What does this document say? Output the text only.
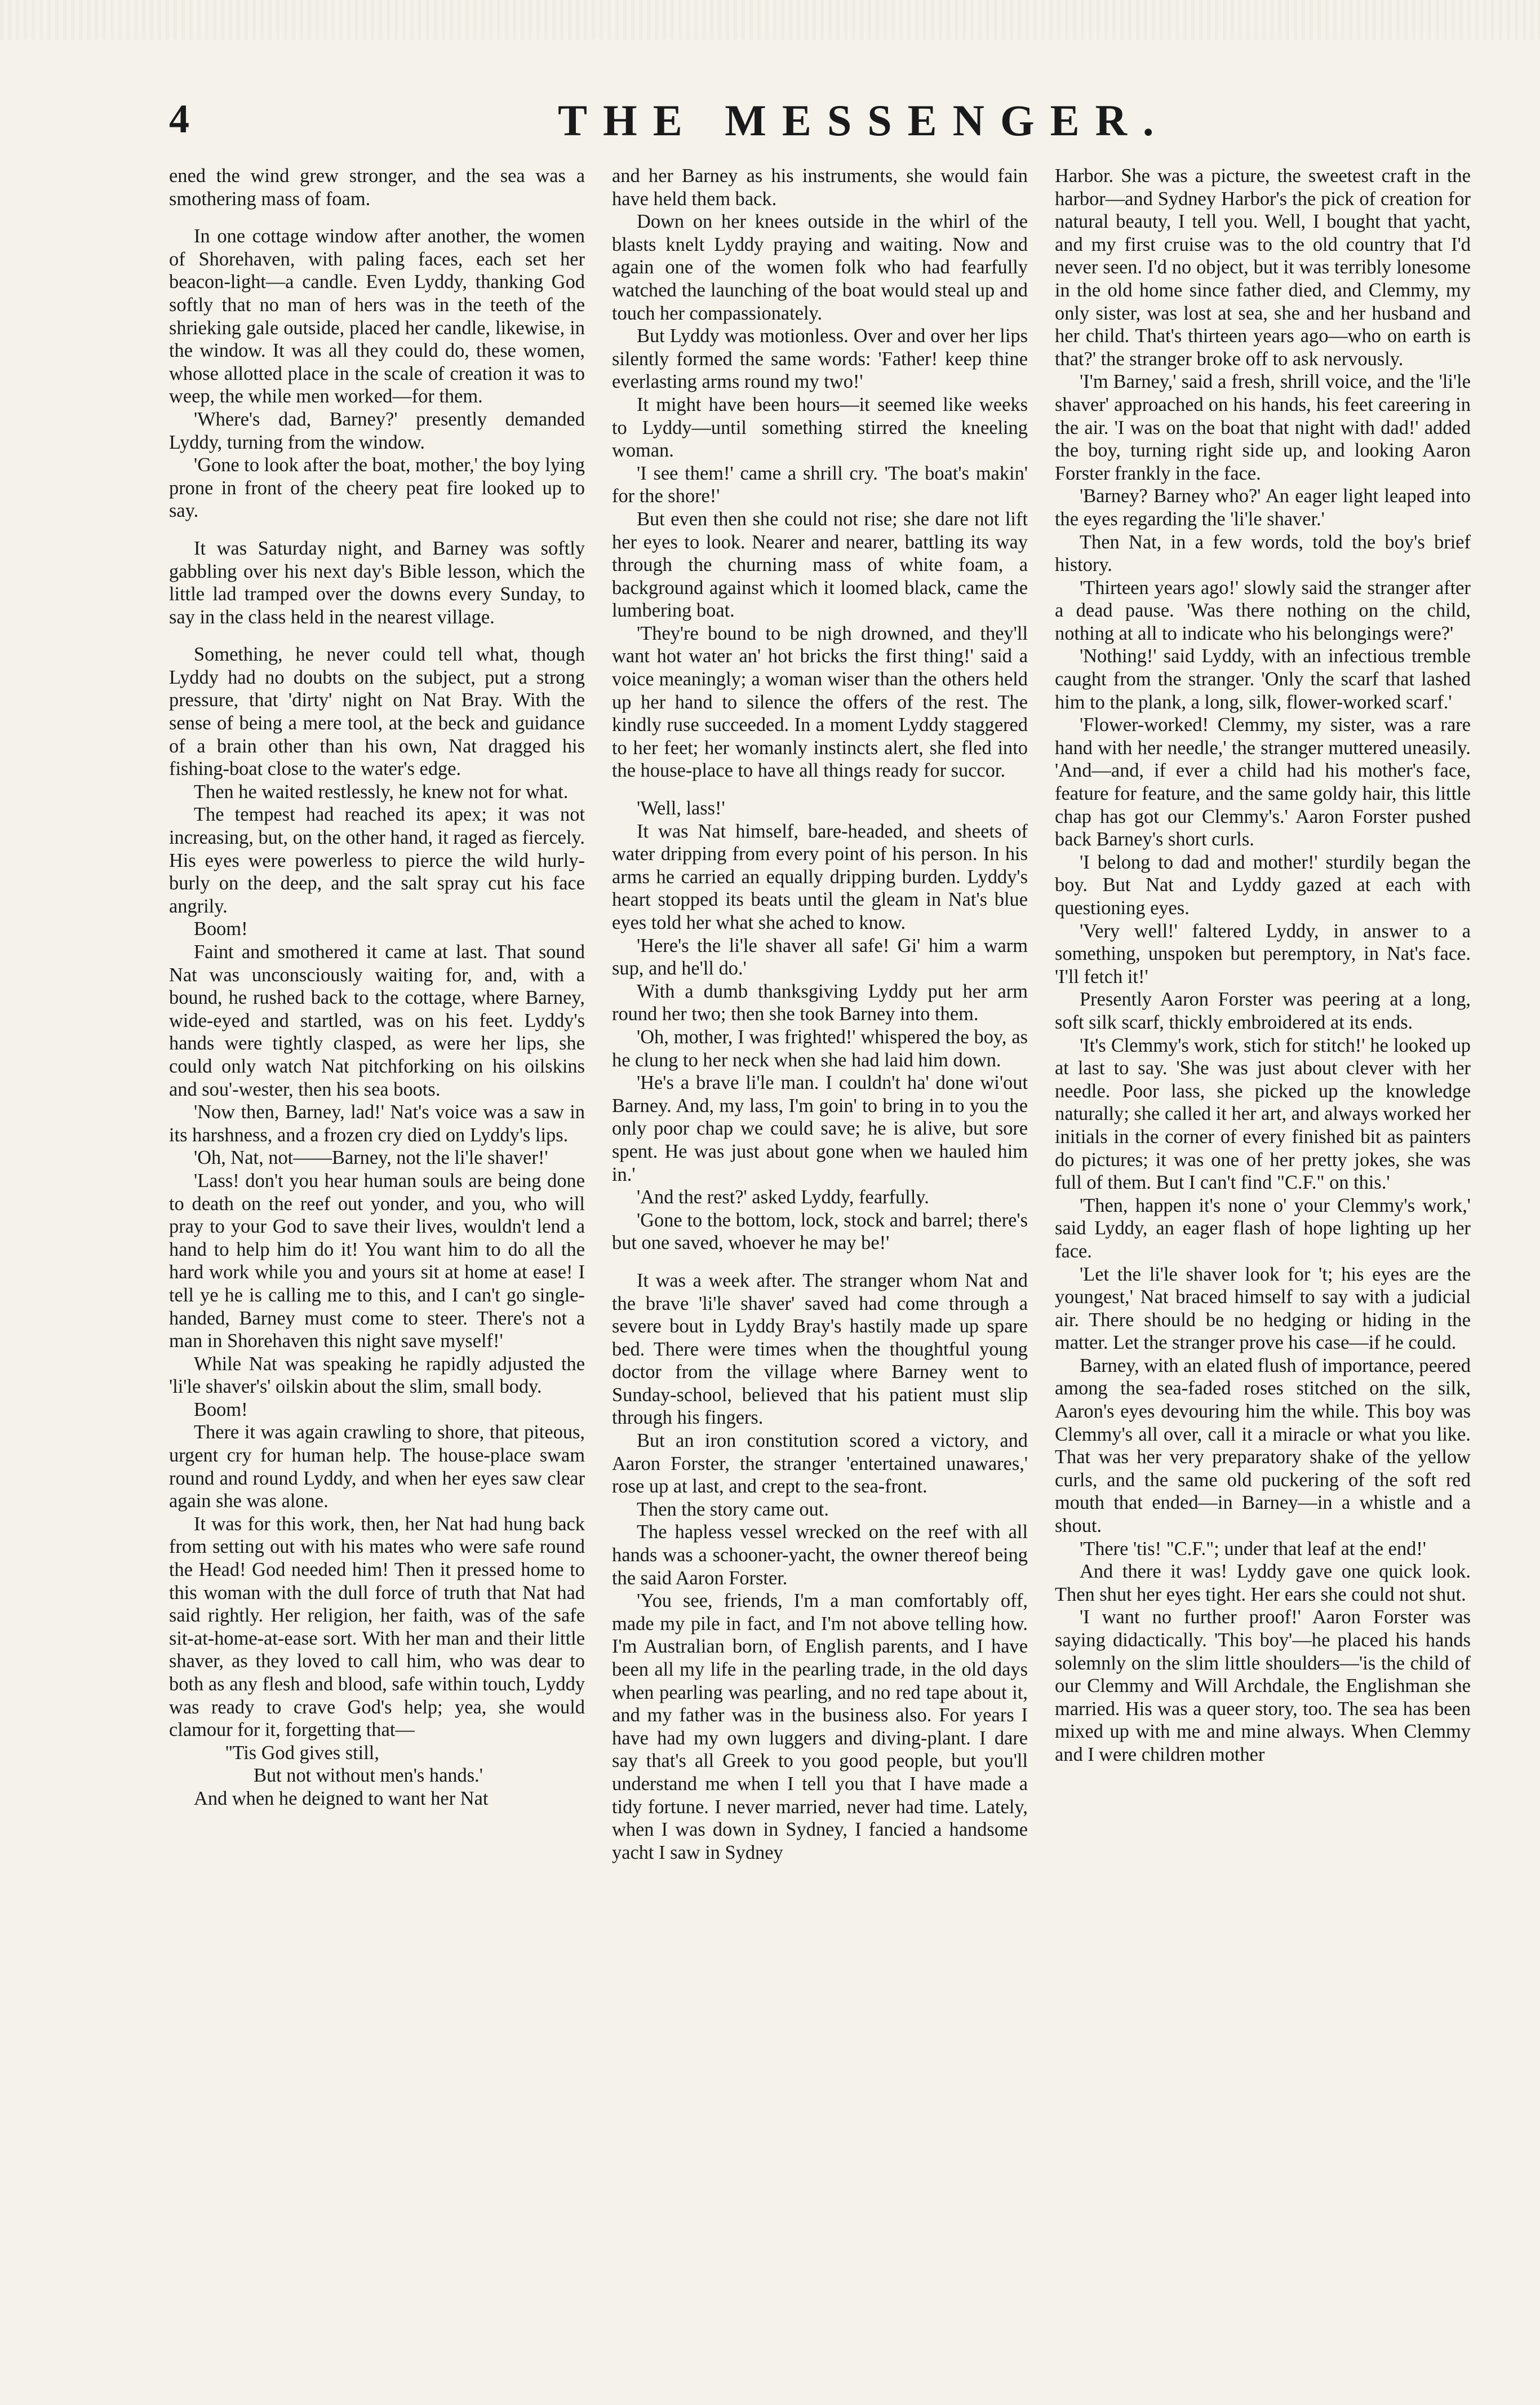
4	THE MESSENGER.

ened the wind grew stronger, and the sea was a smothering mass of foam.

In one cottage window after another, the women of Shorehaven, with paling faces, each set her beacon-light—a candle. Even Lyddy, thanking God softly that no man of hers was in the teeth of the shrieking gale outside, placed her candle, likewise, in the window. It was all they could do, these women, whose allotted place in the scale of creation it was to weep, the while men worked—for them.

'Where's dad, Barney?' presently demanded Lyddy, turning from the window.

'Gone to look after the boat, mother,' the boy lying prone in front of the cheery peat fire looked up to say.

It was Saturday night, and Barney was softly gabbling over his next day's Bible lesson, which the little lad tramped over the downs every Sunday, to say in the class held in the nearest village.

Something, he never could tell what, though Lyddy had no doubts on the subject, put a strong pressure, that 'dirty' night on Nat Bray. With the sense of being a mere tool, at the beck and guidance of a brain other than his own, Nat dragged his fishing-boat close to the water's edge.

Then he waited restlessly, he knew not for what.

The tempest had reached its apex; it was not increasing, but, on the other hand, it raged as fiercely. His eyes were powerless to pierce the wild hurly-burly on the deep, and the salt spray cut his face angrily.

Boom!

Faint and smothered it came at last. That sound Nat was unconsciously waiting for, and, with a bound, he rushed back to the cottage, where Barney, wide-eyed and startled, was on his feet. Lyddy's hands were tightly clasped, as were her lips, she could only watch Nat pitchforking on his oilskins and sou'-wester, then his sea boots.

'Now then, Barney, lad!' Nat's voice was a saw in its harshness, and a frozen cry died on Lyddy's lips.

'Oh, Nat, not——Barney, not the li'le shaver!'

'Lass! don't you hear human souls are being done to death on the reef out yonder, and you, who will pray to your God to save their lives, wouldn't lend a hand to help him do it! You want him to do all the hard work while you and yours sit at home at ease! I tell ye he is calling me to this, and I can't go single-handed, Barney must come to steer. There's not a man in Shorehaven this night save myself!'

While Nat was speaking he rapidly adjusted the 'li'le shaver's' oilskin about the slim, small body.

Boom!

There it was again crawling to shore, that piteous, urgent cry for human help. The house-place swam round and round Lyddy, and when her eyes saw clear again she was alone.

It was for this work, then, her Nat had hung back from setting out with his mates who were safe round the Head! God needed him! Then it pressed home to this woman with the dull force of truth that Nat had said rightly. Her religion, her faith, was of the safe sit-at-home-at-ease sort. With her man and their little shaver, as they loved to call him, who was dear to both as any flesh and blood, safe within touch, Lyddy was ready to crave God's help; yea, she would clamour for it, forgetting that—

''Tis God gives still,

But not without men's hands.'

And when he deigned to want her Nat

and her Barney as his instruments, she would fain have held them back.

Down on her knees outside in the whirl of the blasts knelt Lyddy praying and waiting. Now and again one of the women folk who had fearfully watched the launching of the boat would steal up and touch her compassionately.

But Lyddy was motionless. Over and over her lips silently formed the same words: 'Father! keep thine everlasting arms round my two!'

It might have been hours—it seemed like weeks to Lyddy—until something stirred the kneeling woman.

'I see them!' came a shrill cry. 'The boat's makin' for the shore!'

But even then she could not rise; she dare not lift her eyes to look. Nearer and nearer, battling its way through the churning mass of white foam, a background against which it loomed black, came the lumbering boat.

'They're bound to be nigh drowned, and they'll want hot water an' hot bricks the first thing!' said a voice meaningly; a woman wiser than the others held up her hand to silence the offers of the rest. The kindly ruse succeeded. In a moment Lyddy staggered to her feet; her womanly instincts alert, she fled into the house-place to have all things ready for succor.

'Well, lass!'

It was Nat himself, bare-headed, and sheets of water dripping from every point of his person. In his arms he carried an equally dripping burden. Lyddy's heart stopped its beats until the gleam in Nat's blue eyes told her what she ached to know.

'Here's the li'le shaver all safe! Gi' him a warm sup, and he'll do.'

With a dumb thanksgiving Lyddy put her arm round her two; then she took Barney into them.

'Oh, mother, I was frighted!' whispered the boy, as he clung to her neck when she had laid him down.

'He's a brave li'le man. I couldn't ha' done wi'out Barney. And, my lass, I'm goin' to bring in to you the only poor chap we could save; he is alive, but sore spent. He was just about gone when we hauled him in.'

'And the rest?' asked Lyddy, fearfully.

'Gone to the bottom, lock, stock and barrel; there's but one saved, whoever he may be!'

It was a week after. The stranger whom Nat and the brave 'li'le shaver' saved had come through a severe bout in Lyddy Bray's hastily made up spare bed. There were times when the thoughtful young doctor from the village where Barney went to Sunday-school, believed that his patient must slip through his fingers.

But an iron constitution scored a victory, and Aaron Forster, the stranger 'entertained unawares,' rose up at last, and crept to the sea-front.

Then the story came out.

The hapless vessel wrecked on the reef with all hands was a schooner-yacht, the owner thereof being the said Aaron Forster.

'You see, friends, I'm a man comfortably off, made my pile in fact, and I'm not above telling how. I'm Australian born, of English parents, and I have been all my life in the pearling trade, in the old days when pearling was pearling, and no red tape about it, and my father was in the business also. For years I have had my own luggers and diving-plant. I dare say that's all Greek to you good people, but you'll understand me when I tell you that I have made a tidy fortune. I never married, never had time. Lately, when I was down in Sydney, I fancied a handsome yacht I saw in Sydney

Harbor. She was a picture, the sweetest craft in the harbor—and Sydney Harbor's the pick of creation for natural beauty, I tell you. Well, I bought that yacht, and my first cruise was to the old country that I'd never seen. I'd no object, but it was terribly lonesome in the old home since father died, and Clemmy, my only sister, was lost at sea, she and her husband and her child. That's thirteen years ago—who on earth is that?' the stranger broke off to ask nervously.

'I'm Barney,' said a fresh, shrill voice, and the 'li'le shaver' approached on his hands, his feet careering in the air. 'I was on the boat that night with dad!' added the boy, turning right side up, and looking Aaron Forster frankly in the face.

'Barney? Barney who?' An eager light leaped into the eyes regarding the 'li'le shaver.'

Then Nat, in a few words, told the boy's brief history.

'Thirteen years ago!' slowly said the stranger after a dead pause. 'Was there nothing on the child, nothing at all to indicate who his belongings were?'

'Nothing!' said Lyddy, with an infectious tremble caught from the stranger. 'Only the scarf that lashed him to the plank, a long, silk, flower-worked scarf.'

'Flower-worked! Clemmy, my sister, was a rare hand with her needle,' the stranger muttered uneasily. 'And—and, if ever a child had his mother's face, feature for feature, and the same goldy hair, this little chap has got our Clemmy's.' Aaron Forster pushed back Barney's short curls.

'I belong to dad and mother!' sturdily began the boy. But Nat and Lyddy gazed at each with questioning eyes.

'Very well!' faltered Lyddy, in answer to a something, unspoken but peremptory, in Nat's face. 'I'll fetch it!'

Presently Aaron Forster was peering at a long, soft silk scarf, thickly embroidered at its ends.

'It's Clemmy's work, stich for stitch!' he looked up at last to say. 'She was just about clever with her needle. Poor lass, she picked up the knowledge naturally; she called it her art, and always worked her initials in the corner of every finished bit as painters do pictures; it was one of her pretty jokes, she was full of them. But I can't find "C.F." on this.'

'Then, happen it's none o' your Clemmy's work,' said Lyddy, an eager flash of hope lighting up her face.

'Let the li'le shaver look for 't; his eyes are the youngest,' Nat braced himself to say with a judicial air. There should be no hedging or hiding in the matter. Let the stranger prove his case—if he could.

Barney, with an elated flush of importance, peered among the sea-faded roses stitched on the silk, Aaron's eyes devouring him the while. This boy was Clemmy's all over, call it a miracle or what you like. That was her very preparatory shake of the yellow curls, and the same old puckering of the soft red mouth that ended—in Barney—in a whistle and a shout.

'There 'tis! "C.F."; under that leaf at the end!'

And there it was! Lyddy gave one quick look. Then shut her eyes tight. Her ears she could not shut.

'I want no further proof!' Aaron Forster was saying didactically. 'This boy'—he placed his hands solemnly on the slim little shoulders—'is the child of our Clemmy and Will Archdale, the Englishman she married. His was a queer story, too. The sea has been mixed up with me and mine always. When Clemmy and I were children mother
